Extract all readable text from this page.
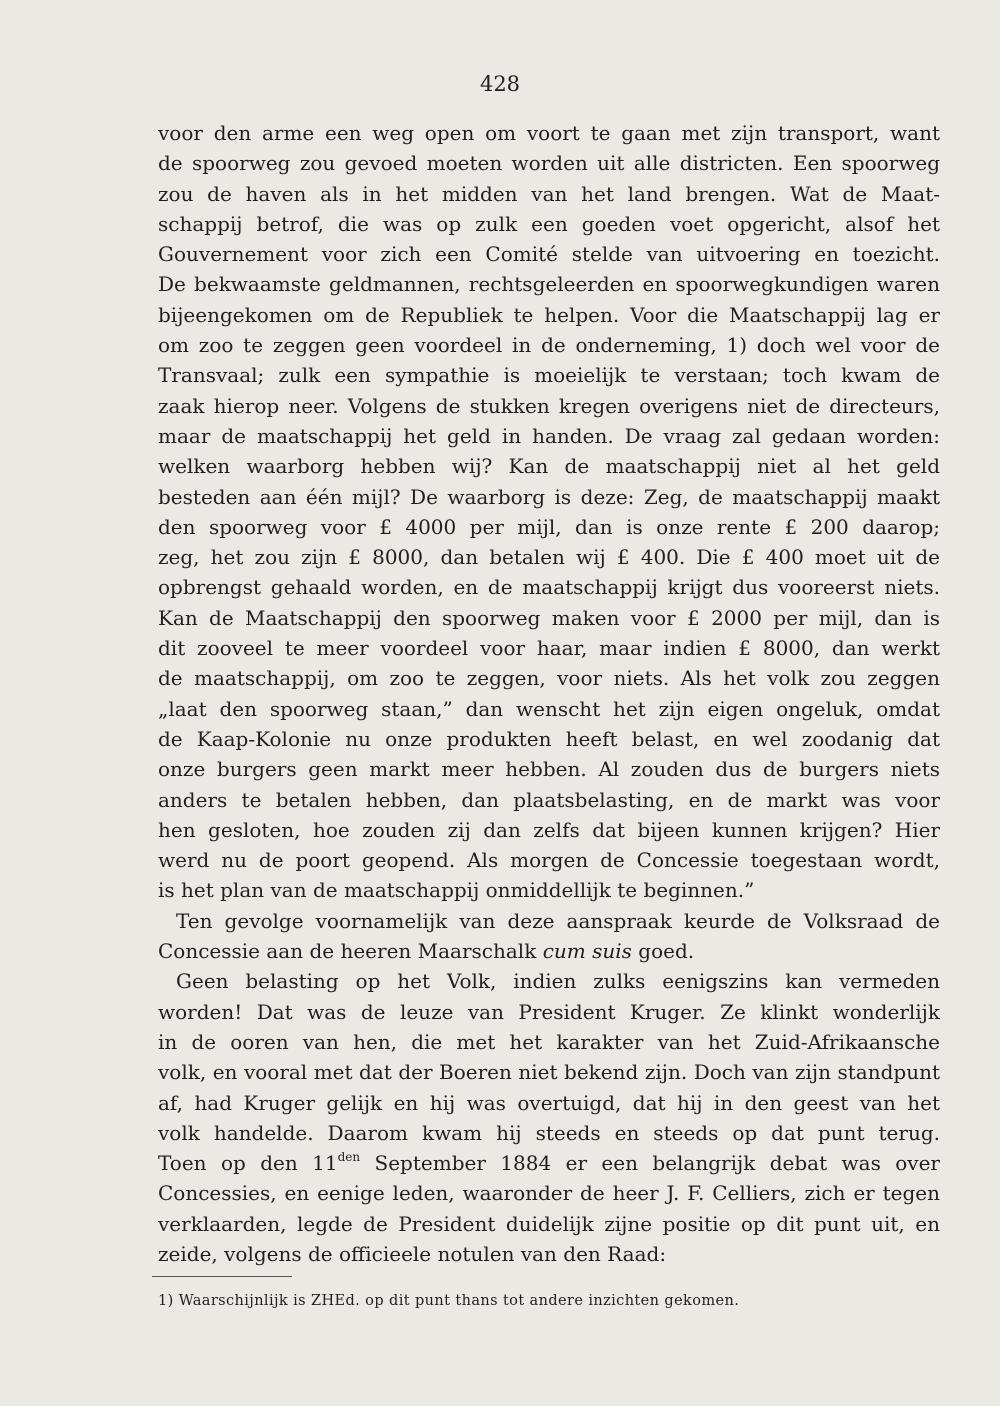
428
voor den arme een weg open om voort te gaan met zijn transport, want
de spoorweg zou gevoed moeten worden uit alle districten. Een spoorweg
zou de haven als in het midden van het land brengen. Wat de Maat-
schappij betrof, die was op zulk een goeden voet opgericht, alsof het
Gouvernement voor zich een Comité stelde van uitvoering en toezicht.
De bekwaamste geldmannen, rechtsgeleerden en spoorwegkundigen waren
bijeengekomen om de Republiek te helpen. Voor die Maatschappij lag er
om zoo te zeggen geen voordeel in de onderneming, 1) doch wel voor de
Transvaal; zulk een sympathie is moeielijk te verstaan; toch kwam de
zaak hierop neer. Volgens de stukken kregen overigens niet de directeurs,
maar de maatschappij het geld in handen. De vraag zal gedaan worden:
welken waarborg hebben wij? Kan de maatschappij niet al het geld
besteden aan één mijl? De waarborg is deze: Zeg, de maatschappij maakt
den spoorweg voor £ 4000 per mijl, dan is onze rente £ 200 daarop;
zeg, het zou zijn £ 8000, dan betalen wij £ 400. Die £ 400 moet uit de
opbrengst gehaald worden, en de maatschappij krijgt dus vooreerst niets.
Kan de Maatschappij den spoorweg maken voor £ 2000 per mijl, dan is
dit zooveel te meer voordeel voor haar, maar indien £ 8000, dan werkt
de maatschappij, om zoo te zeggen, voor niets. Als het volk zou zeggen
„laat den spoorweg staan,” dan wenscht het zijn eigen ongeluk, omdat
de Kaap-Kolonie nu onze produkten heeft belast, en wel zoodanig dat
onze burgers geen markt meer hebben. Al zouden dus de burgers niets
anders te betalen hebben, dan plaatsbelasting, en de markt was voor
hen gesloten, hoe zouden zij dan zelfs dat bijeen kunnen krijgen? Hier
werd nu de poort geopend. Als morgen de Concessie toegestaan wordt,
is het plan van de maatschappij onmiddellijk te beginnen.”
Ten gevolge voornamelijk van deze aanspraak keurde de Volksraad de
Concessie aan de heeren Maarschalk cum suis goed.
Geen belasting op het Volk, indien zulks eenigszins kan vermeden
worden! Dat was de leuze van President Kruger. Ze klinkt wonderlijk
in de ooren van hen, die met het karakter van het Zuid-Afrikaansche
volk, en vooral met dat der Boeren niet bekend zijn. Doch van zijn standpunt
af, had Kruger gelijk en hij was overtuigd, dat hij in den geest van het
volk handelde. Daarom kwam hij steeds en steeds op dat punt terug.
Toen op den $11^{den}$ September 1884 er een belangrijk debat was over
Concessies, en eenige leden, waaronder de heer J. F. Celliers, zich er tegen
verklaarden, legde de President duidelijk zijne positie op dit punt uit, en
zeide, volgens de officieele notulen van den Raad:
1) Waarschijnlijk is ZHEd. op dit punt thans tot andere inzichten gekomen.
